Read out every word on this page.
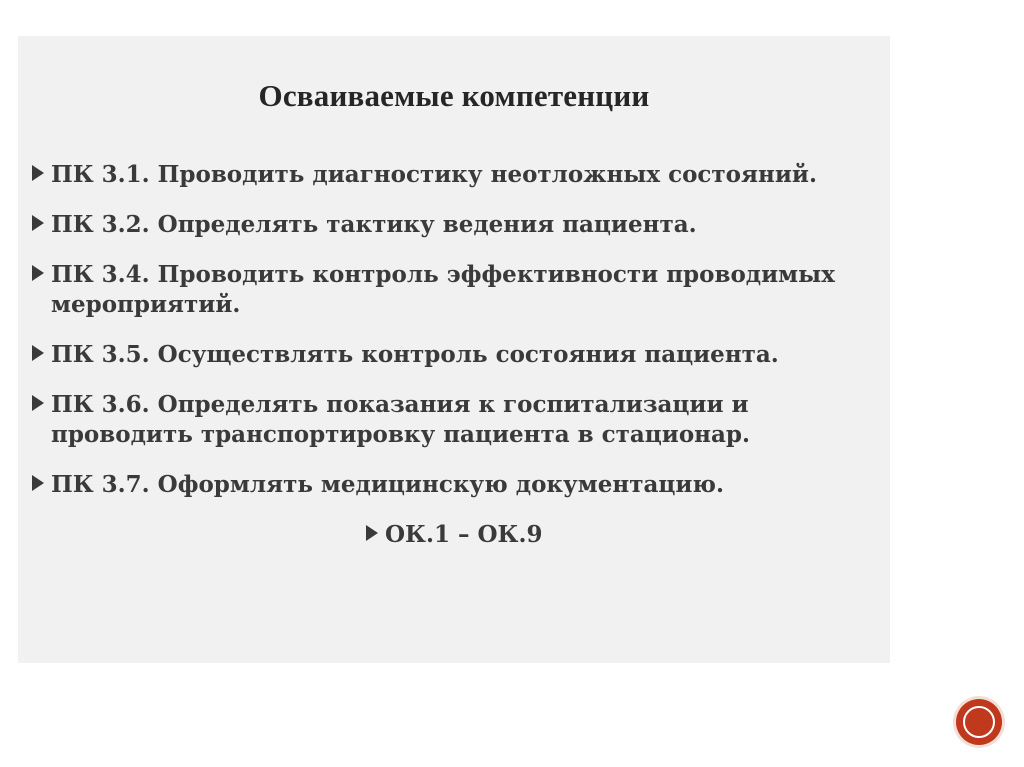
Осваиваемые компетенции
ПК 3.1. Проводить диагностику неотложных состояний.
ПК 3.2. Определять тактику ведения пациента.
ПК 3.4. Проводить контроль эффективности проводимых мероприятий.
ПК 3.5. Осуществлять контроль состояния пациента.
ПК 3.6. Определять показания к госпитализации и проводить транспортировку пациента в стационар.
ПК 3.7. Оформлять медицинскую документацию.
ОК.1 – ОК.9
